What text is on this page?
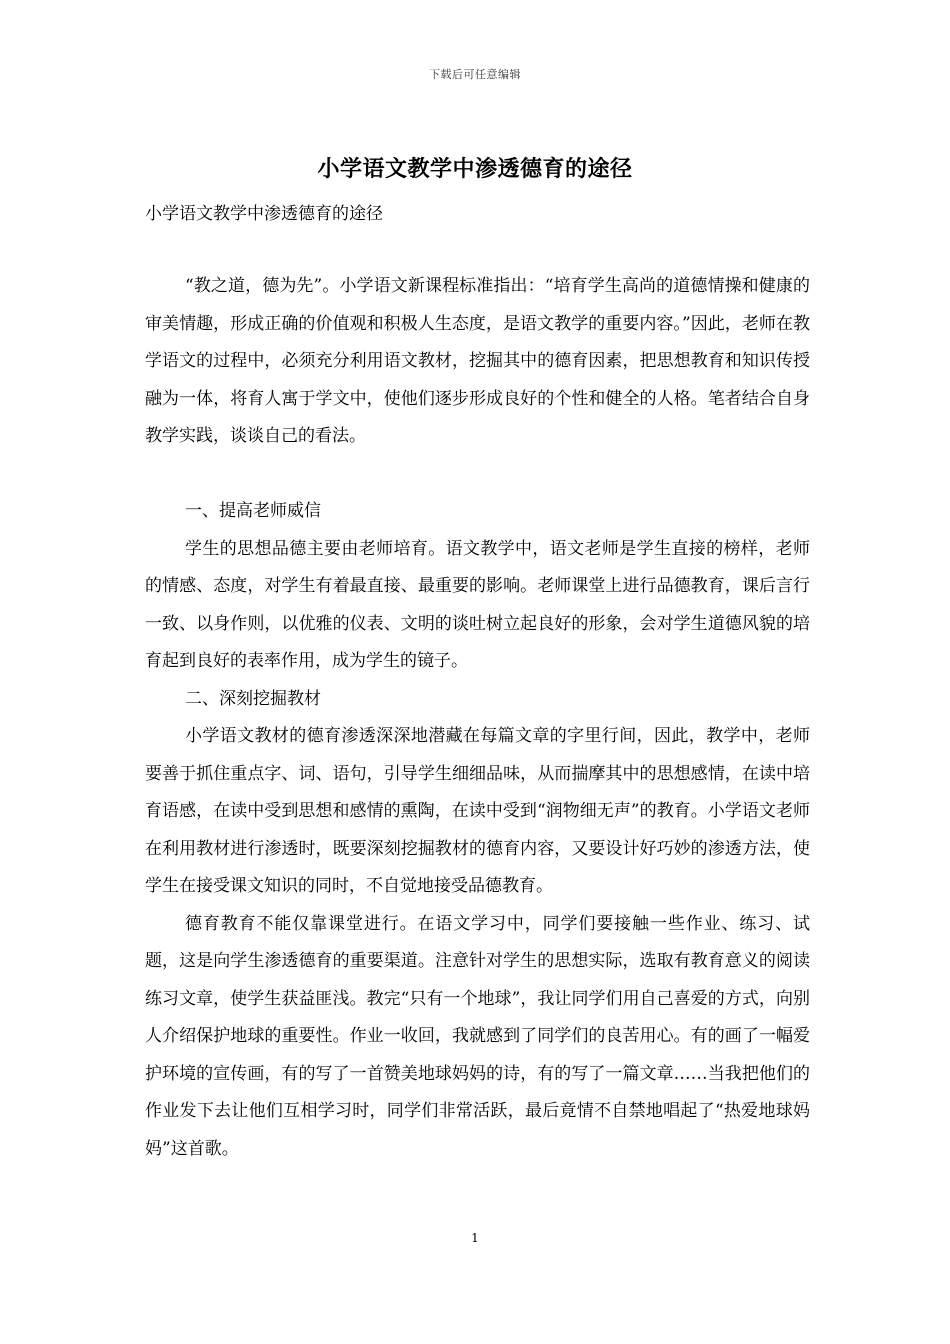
下载后可任意编辑
小学语文教学中渗透德育的途径
小学语文教学中渗透德育的途径

“教之道，德为先”。小学语文新课程标准指出：“培育学生高尚的道德情操和健康的审美情趣，形成正确的价值观和积极人生态度，是语文教学的重要内容。”因此，老师在教学语文的过程中，必须充分利用语文教材，挖掘其中的德育因素，把思想教育和知识传授融为一体，将育人寓于学文中，使他们逐步形成良好的个性和健全的人格。笔者结合自身教学实践，谈谈自己的看法。

一、提高老师威信

学生的思想品德主要由老师培育。语文教学中，语文老师是学生直接的榜样，老师的情感、态度，对学生有着最直接、最重要的影响。老师课堂上进行品德教育，课后言行一致、以身作则，以优雅的仪表、文明的谈吐树立起良好的形象，会对学生道德风貌的培育起到良好的表率作用，成为学生的镜子。

二、深刻挖掘教材

小学语文教材的德育渗透深深地潜藏在每篇文章的字里行间，因此，教学中，老师要善于抓住重点字、词、语句，引导学生细细品味，从而揣摩其中的思想感情，在读中培育语感，在读中受到思想和感情的熏陶，在读中受到“润物细无声”的教育。小学语文老师在利用教材进行渗透时，既要深刻挖掘教材的德育内容，又要设计好巧妙的渗透方法，使学生在接受课文知识的同时，不自觉地接受品德教育。

德育教育不能仅靠课堂进行。在语文学习中，同学们要接触一些作业、练习、试题，这是向学生渗透德育的重要渠道。注意针对学生的思想实际，选取有教育意义的阅读练习文章，使学生获益匪浅。教完“只有一个地球”，我让同学们用自己喜爱的方式，向别人介绍保护地球的重要性。作业一收回，我就感到了同学们的良苦用心。有的画了一幅爱护环境的宣传画，有的写了一首赞美地球妈妈的诗，有的写了一篇文章……当我把他们的作业发下去让他们互相学习时，同学们非常活跃，最后竟情不自禁地唱起了“热爱地球妈妈”这首歌。

1
